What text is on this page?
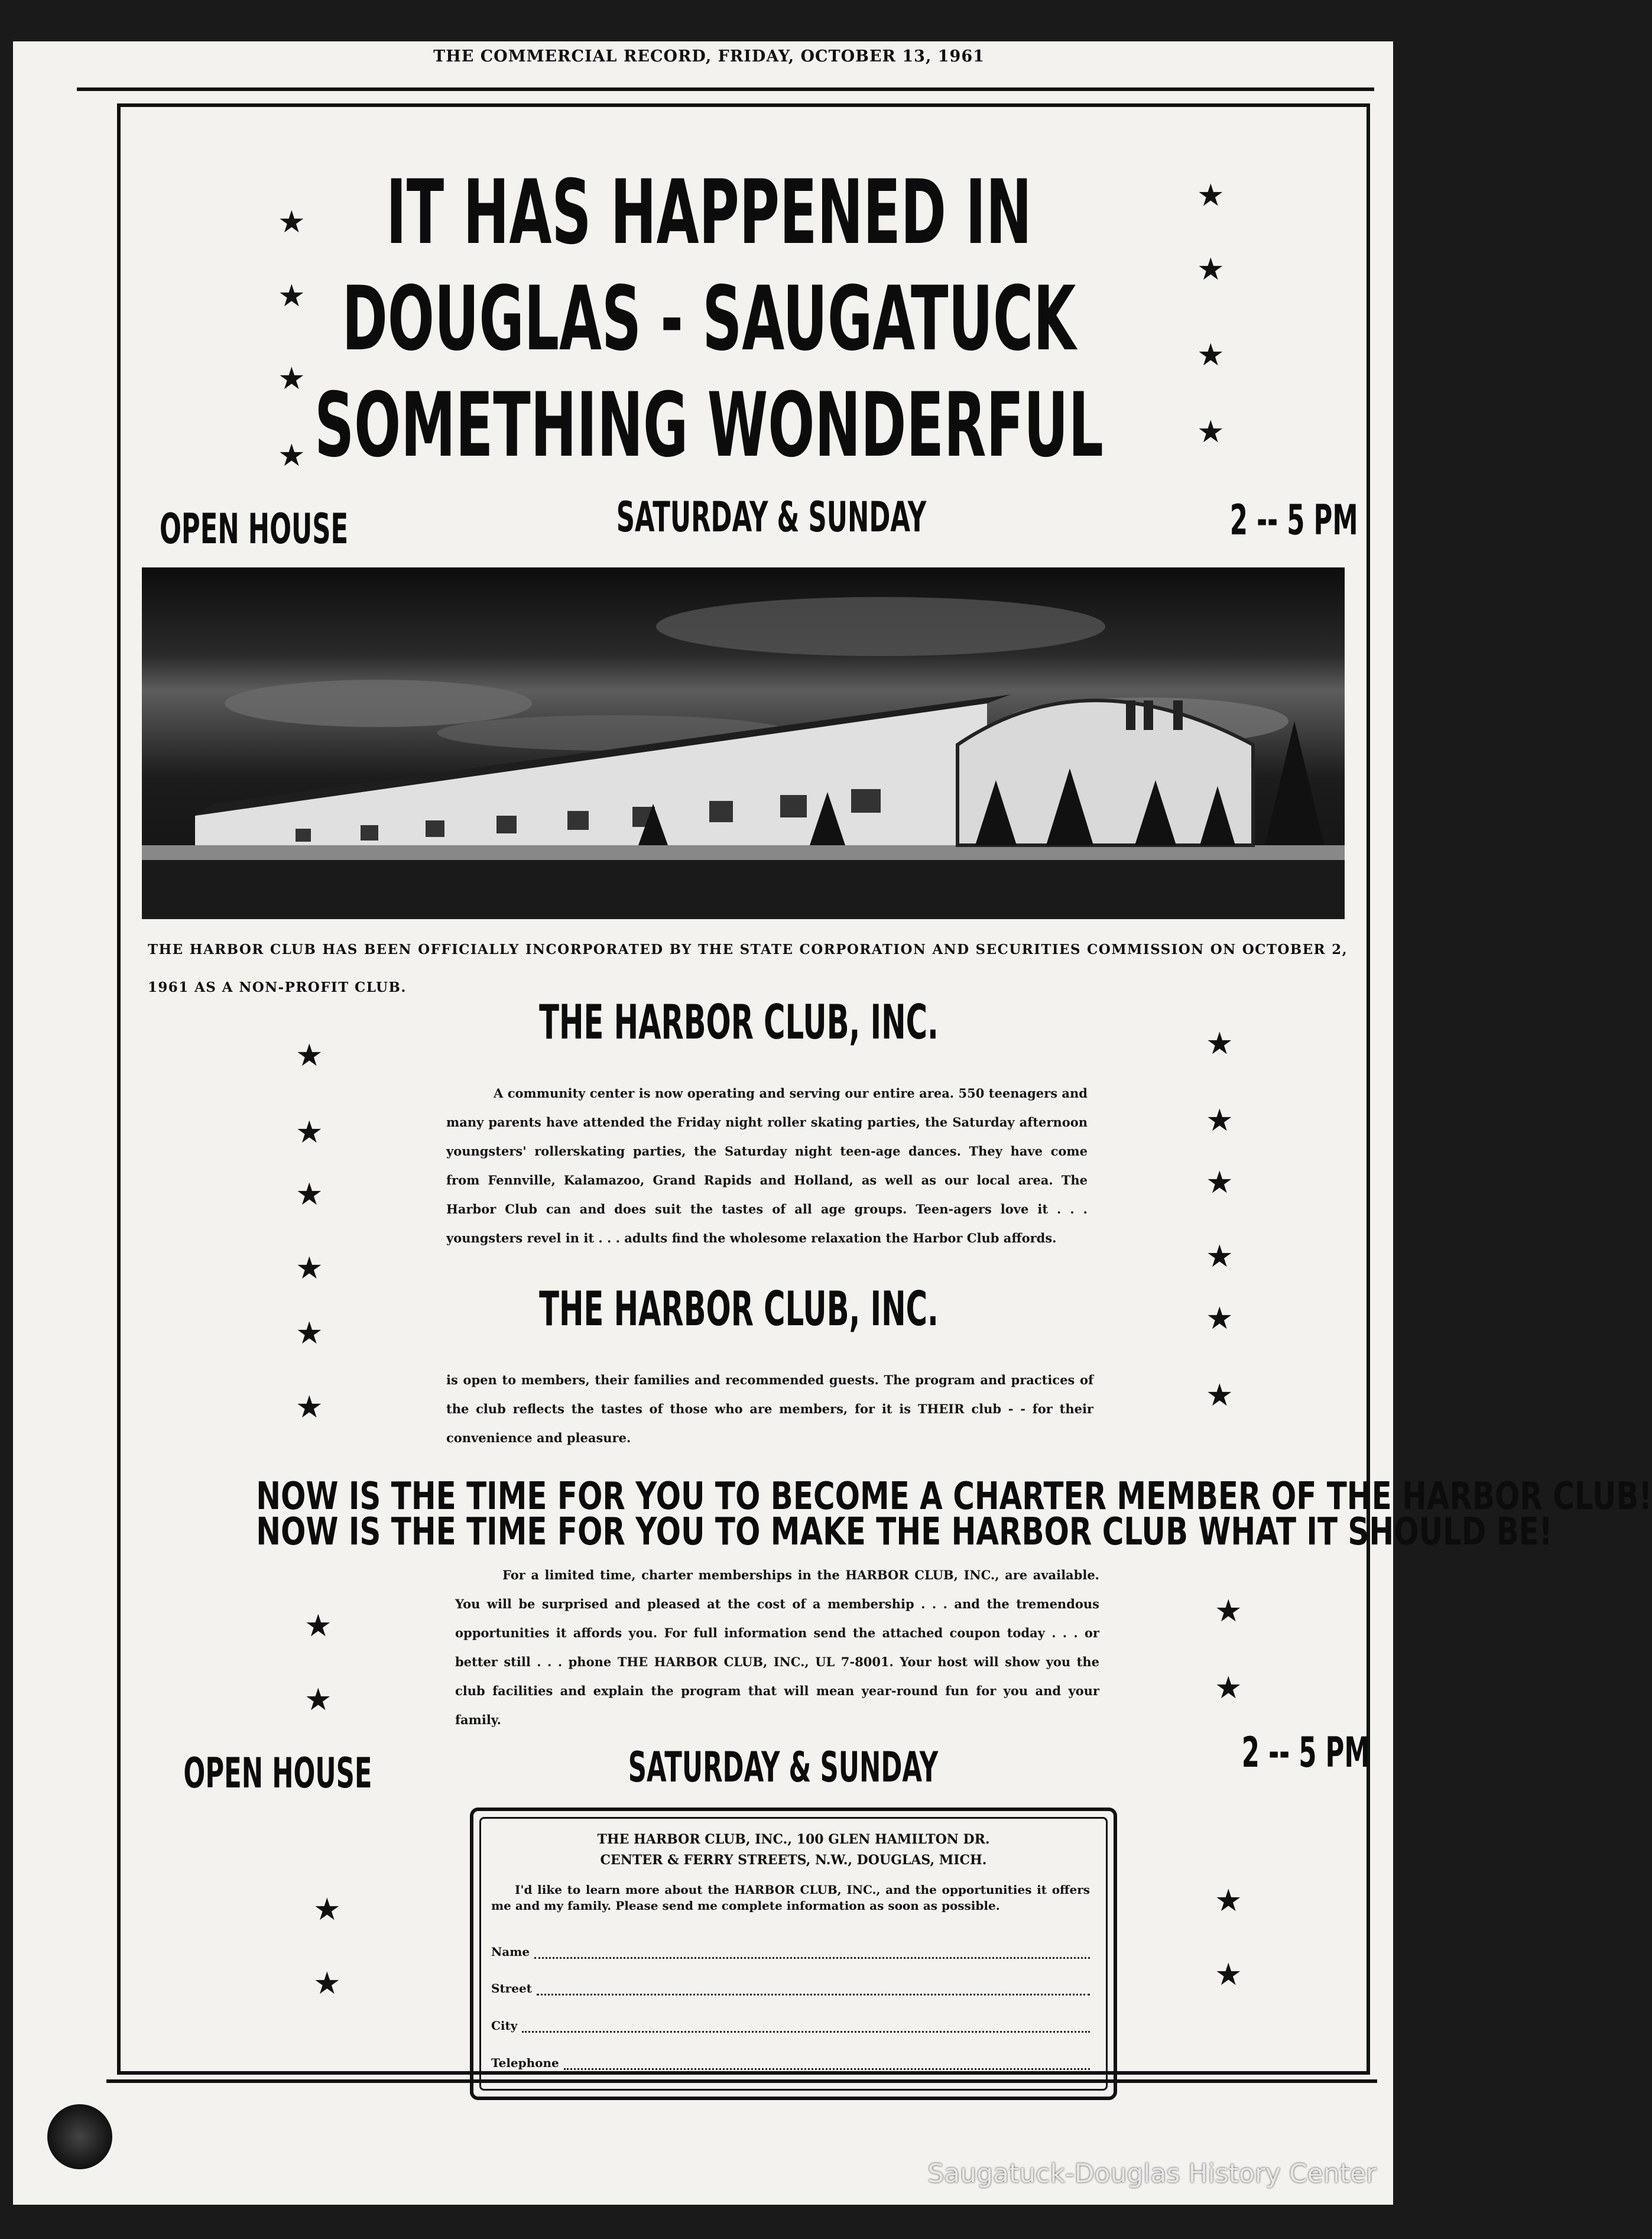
THE COMMERCIAL RECORD, FRIDAY, OCTOBER 13, 1961
IT HAS HAPPENED IN
DOUGLAS - SAUGATUCK
SOMETHING WONDERFUL
★
★
★
★
★
★
★
★
OPEN HOUSE	SATURDAY & SUNDAY	2 -- 5 PM
THE HARBOR CLUB HAS BEEN OFFICIALLY INCORPORATED BY THE STATE CORPORATION AND SECURITIES COMMISSION ON OCTOBER 2, 1961 AS A NON-PROFIT CLUB.
THE HARBOR CLUB, INC.
A community center is now operating and serving our entire area. 550 teenagers and many parents have attended the Friday night roller skating parties, the Saturday afternoon youngsters' rollerskating parties, the Saturday night teen-age dances. They have come from Fennville, Kalamazoo, Grand Rapids and Holland, as well as our local area. The Harbor Club can and does suit the tastes of all age groups. Teen-agers love it . . . youngsters revel in it . . . adults find the wholesome relaxation the Harbor Club affords.
★
★
★
★
★
★
★
★
★
★
★
★
THE HARBOR CLUB, INC.
is open to members, their families and recommended guests. The program and practices of the club reflects the tastes of those who are members, for it is THEIR club - - for their convenience and pleasure.
NOW IS THE TIME FOR YOU TO BECOME A CHARTER MEMBER OF THE HARBOR CLUB!
NOW IS THE TIME FOR YOU TO MAKE THE HARBOR CLUB WHAT IT SHOULD BE!
For a limited time, charter memberships in the HARBOR CLUB, INC., are available. You will be surprised and pleased at the cost of a membership . . . and the tremendous opportunities it affords you. For full information send the attached coupon today . . . or better still . . . phone THE HARBOR CLUB, INC., UL 7-8001. Your host will show you the club facilities and explain the program that will mean year-round fun for you and your family.
★
★
★
★
OPEN HOUSE	SATURDAY & SUNDAY	2 -- 5 PM
THE HARBOR CLUB, INC., 100 GLEN HAMILTON DR.
CENTER & FERRY STREETS, N.W., DOUGLAS, MICH.
I'd like to learn more about the HARBOR CLUB, INC., and the opportunities it offers me and my family. Please send me complete information as soon as possible.
Name
Street
City
Telephone
★
★
★
★
Saugatuck-Douglas History Center
